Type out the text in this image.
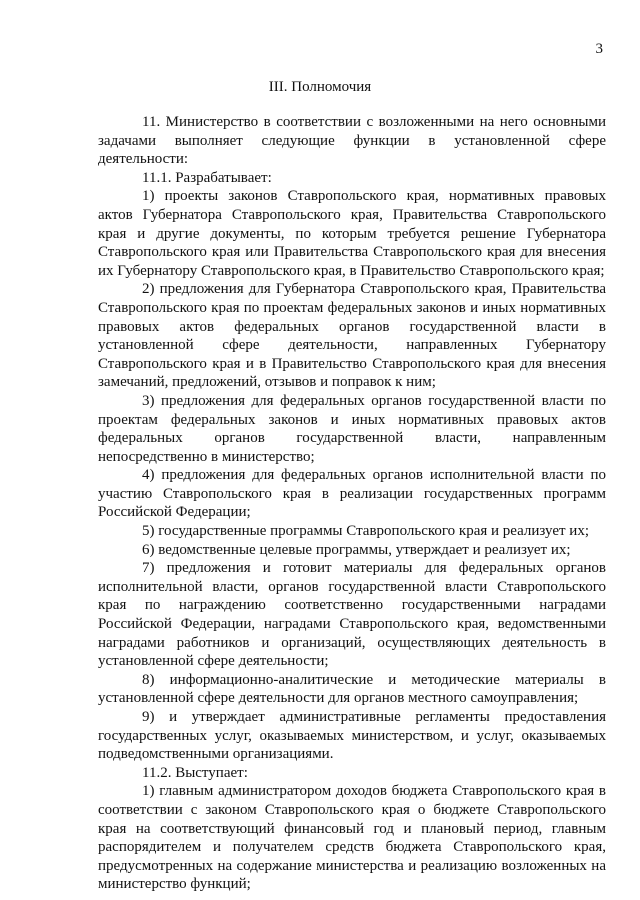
3
III. Полномочия

11. Министерство в соответствии с возложенными на него основными задачами выполняет следующие функции в установленной сфере деятельности:

11.1. Разрабатывает:

1) проекты законов Ставропольского края, нормативных правовых актов Губернатора Ставропольского края, Правительства Ставропольского края и другие документы, по которым требуется решение Губернатора Ставропольского края или Правительства Ставропольского края для внесения их Губернатору Ставропольского края, в Правительство Ставропольского края;

2) предложения для Губернатора Ставропольского края, Правительства Ставропольского края по проектам федеральных законов и иных нормативных правовых актов федеральных органов государственной власти в установленной сфере деятельности, направленных Губернатору Ставропольского края и в Правительство Ставропольского края для внесения замечаний, предложений, отзывов и поправок к ним;

3) предложения для федеральных органов государственной власти по проектам федеральных законов и иных нормативных правовых актов федеральных органов государственной власти, направленным непосредственно в министерство;

4) предложения для федеральных органов исполнительной власти по участию Ставропольского края в реализации государственных программ Российской Федерации;

5) государственные программы Ставропольского края и реализует их;

6) ведомственные целевые программы, утверждает и реализует их;

7) предложения и готовит материалы для федеральных органов исполнительной власти, органов государственной власти Ставропольского края по награждению соответственно государственными наградами Российской Федерации, наградами Ставропольского края, ведомственными наградами работников и организаций, осуществляющих деятельность в установленной сфере деятельности;

8) информационно-аналитические и методические материалы в установленной сфере деятельности для органов местного самоуправления;

9) и утверждает административные регламенты предоставления государственных услуг, оказываемых министерством, и услуг, оказываемых подведомственными организациями.

11.2. Выступает:

1) главным администратором доходов бюджета Ставропольского края в соответствии с законом Ставропольского края о бюджете Ставропольского края на соответствующий финансовый год и плановый период, главным распорядителем и получателем средств бюджета Ставропольского края, предусмотренных на содержание министерства и реализацию возложенных на министерство функций;
